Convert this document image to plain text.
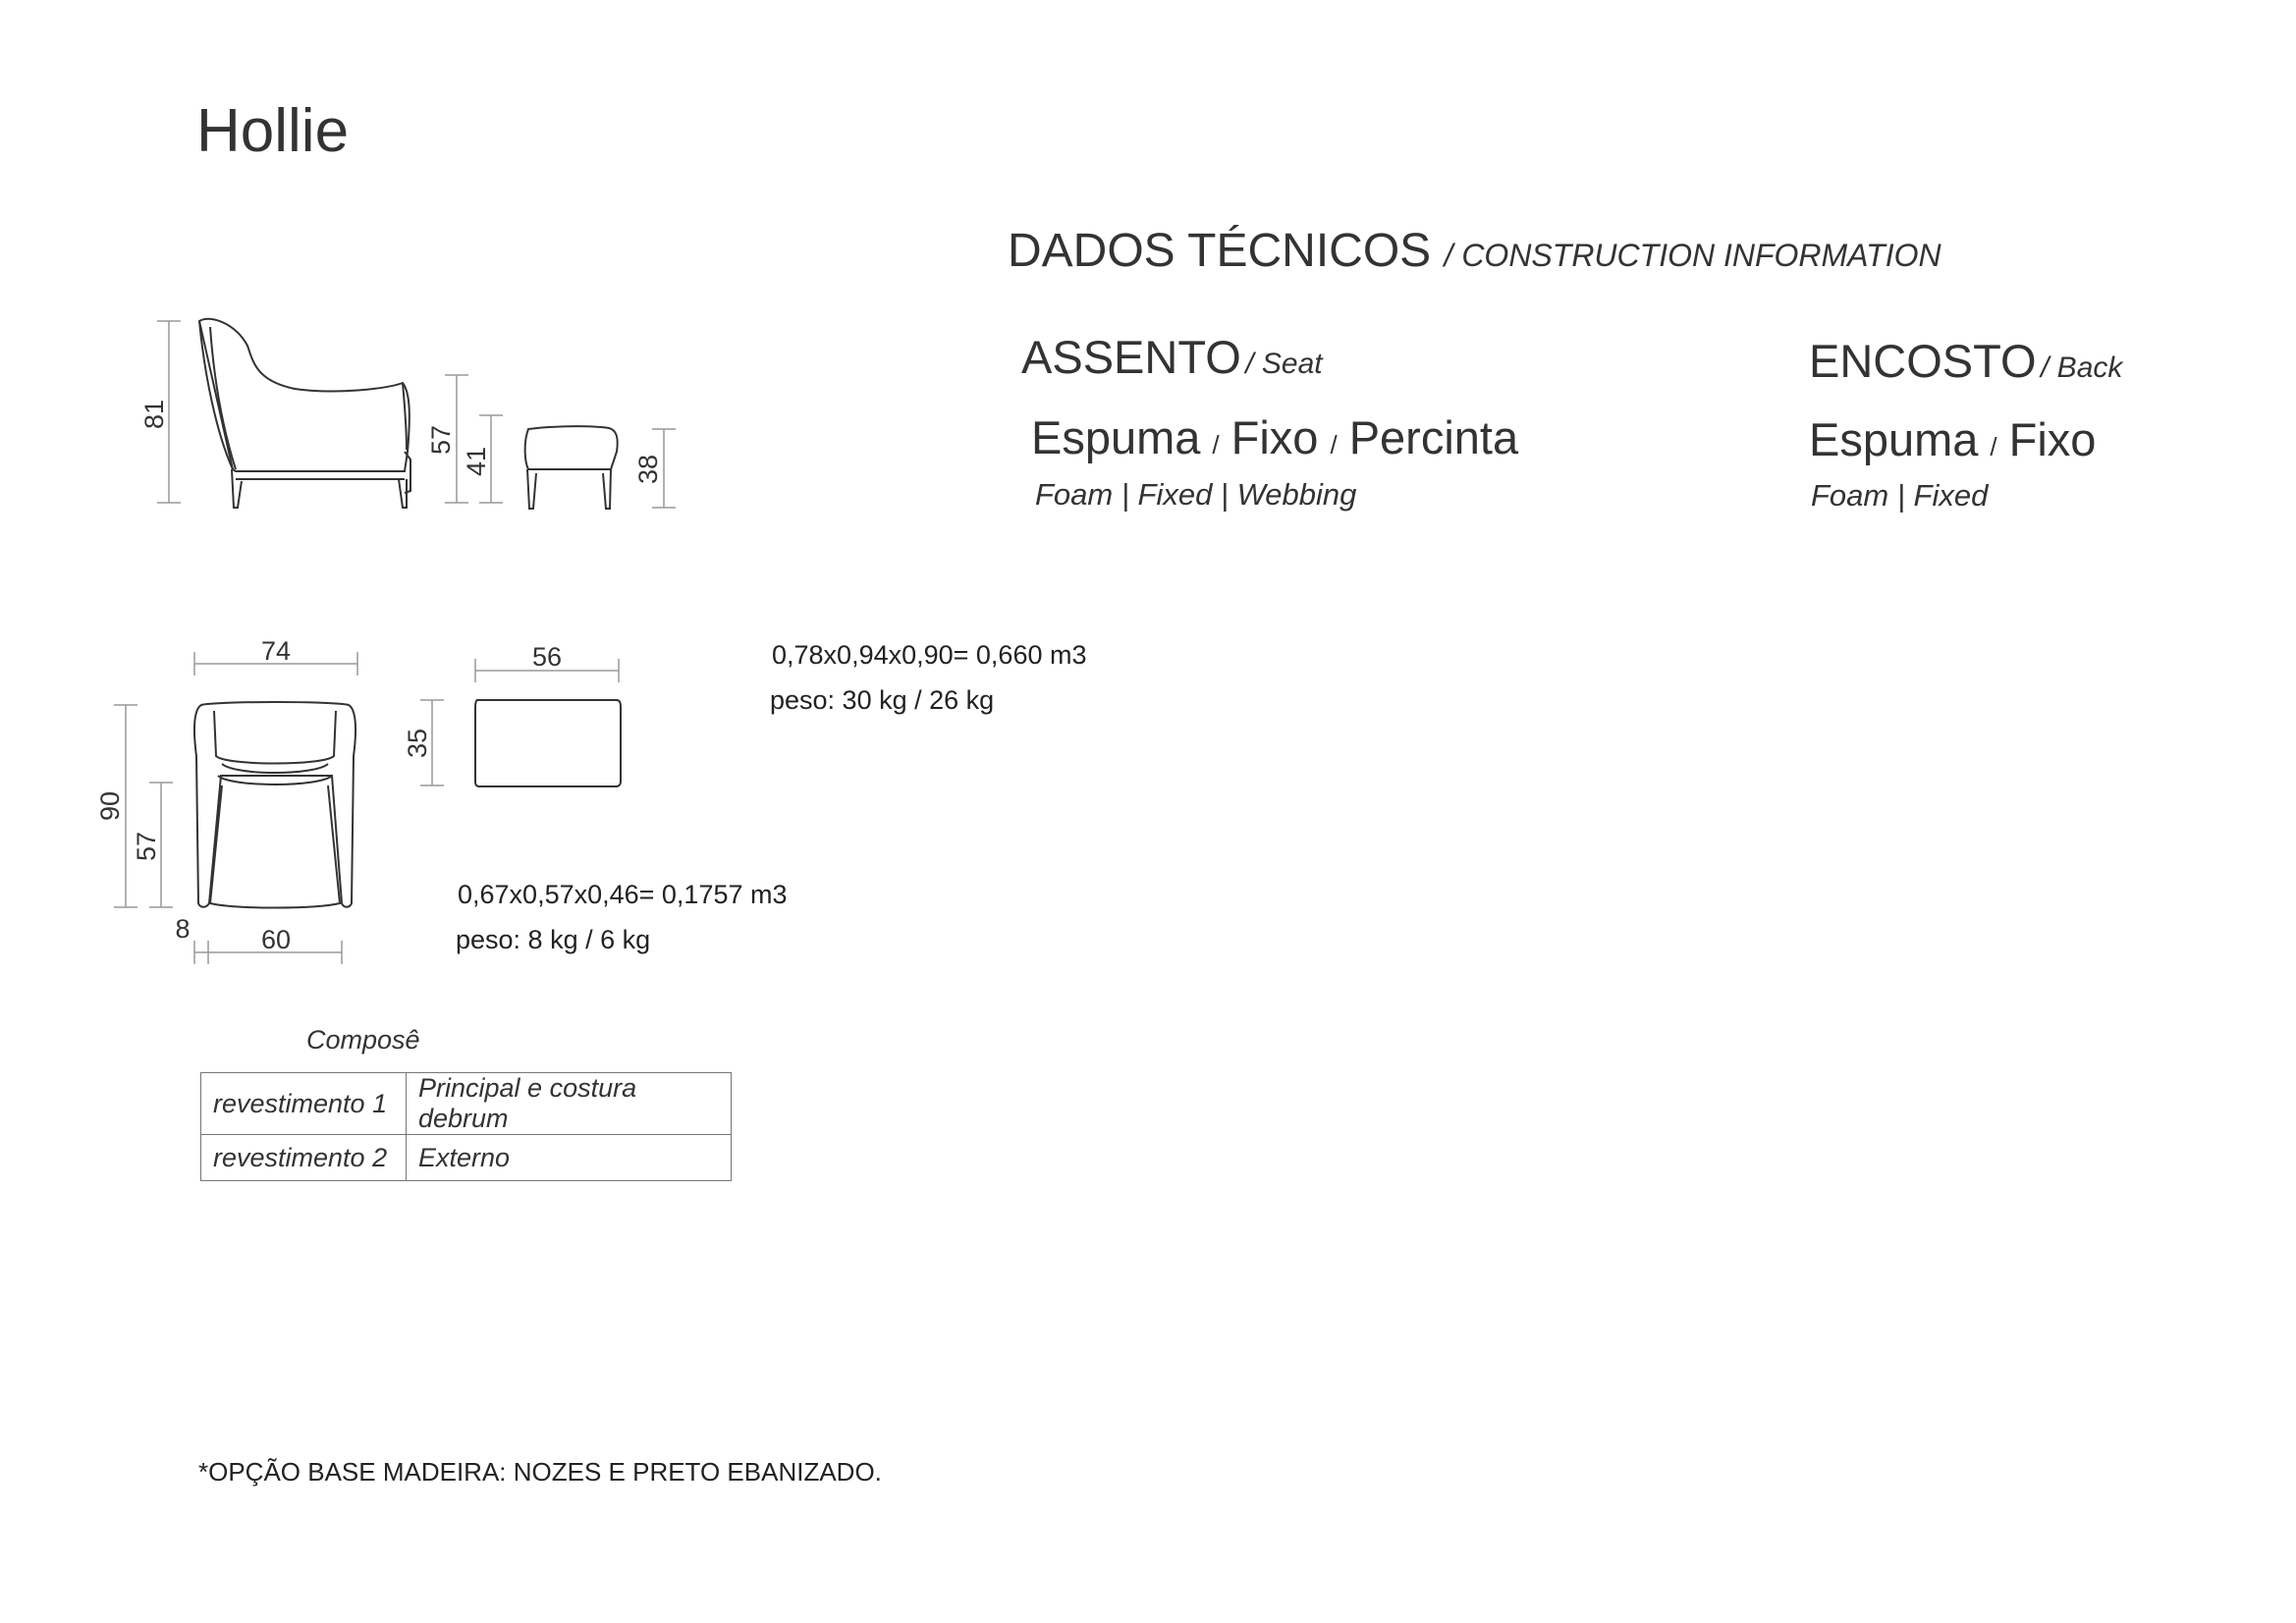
Hollie
DADOS TÉCNICOS / CONSTRUCTION INFORMATION
ASSENTO / Seat
Espuma / Fixo / Percinta
Foam | Fixed | Webbing
ENCOSTO / Back
Espuma / Fixo
Foam | Fixed
81
57
41	38
74
90
57
60
8
56
35
0,78x0,94x0,90= 0,660 m3
peso: 30 kg / 26 kg
0,67x0,57x0,46= 0,1757 m3
peso: 8 kg / 6 kg
Composê
revestimento 1	Principal e costura debrum
revestimento 2	Externo
*OPÇÃO BASE MADEIRA: NOZES E PRETO EBANIZADO.
